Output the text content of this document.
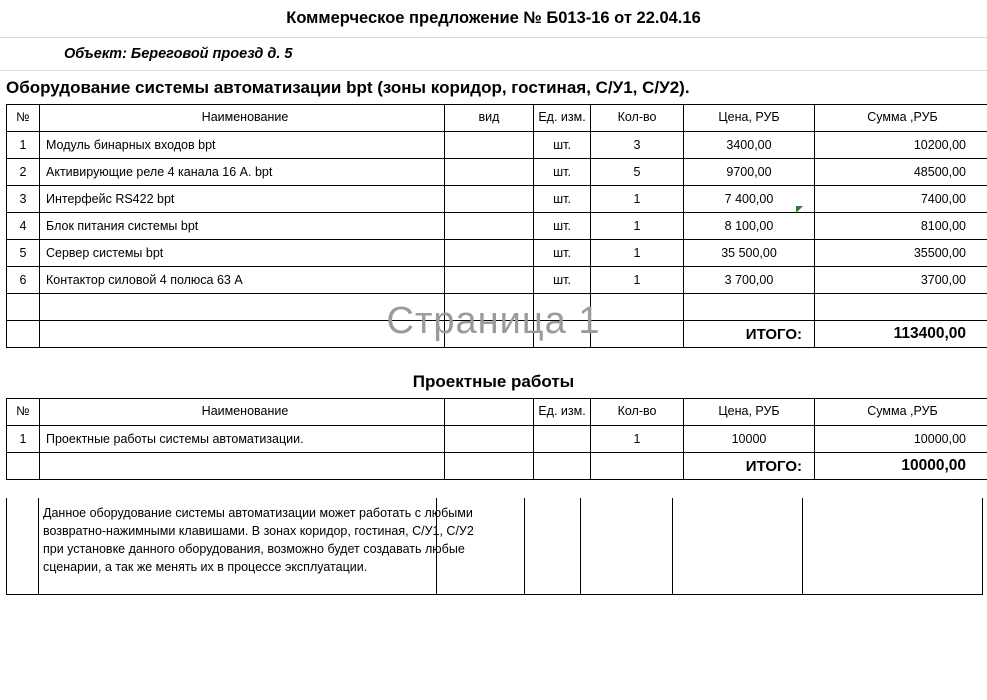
Коммерческое предложение № Б013-16 от 22.04.16
Объект: Береговой проезд д. 5
Оборудование системы автоматизации bpt (зоны коридор, гостиная, С/У1, С/У2).
№	Наименование	вид	Ед. изм.	Кол-во	Цена, РУБ	Сумма ,РУБ
1	Модуль бинарных входов bpt		шт.	3	3400,00	10200,00
2	Активирующие реле 4 канала 16 А. bpt		шт.	5	9700,00	48500,00
3	Интерфейс RS422 bpt		шт.	1	7 400,00	7400,00
4	Блок питания системы bpt		шт.	1	8 100,00	8100,00
5	Сервер системы bpt		шт.	1	35 500,00	35500,00
6	Контактор силовой 4 полюса 63 А		шт.	1	3 700,00	3700,00

					ИТОГО:	113400,00
Проектные работы
№	Наименование		Ед. изм.	Кол-во	Цена, РУБ	Сумма ,РУБ
1	Проектные работы системы автоматизации.			1	10000	10000,00
					ИТОГО:	10000,00
Данное оборудование системы автоматизации может работать с любыми возвратно-нажимными клавишами. В зонах коридор, гостиная, С/У1, С/У2 при установке данного оборудования, возможно будет создавать любые сценарии, а так же менять их в процессе эксплуатации.
Страница 1
